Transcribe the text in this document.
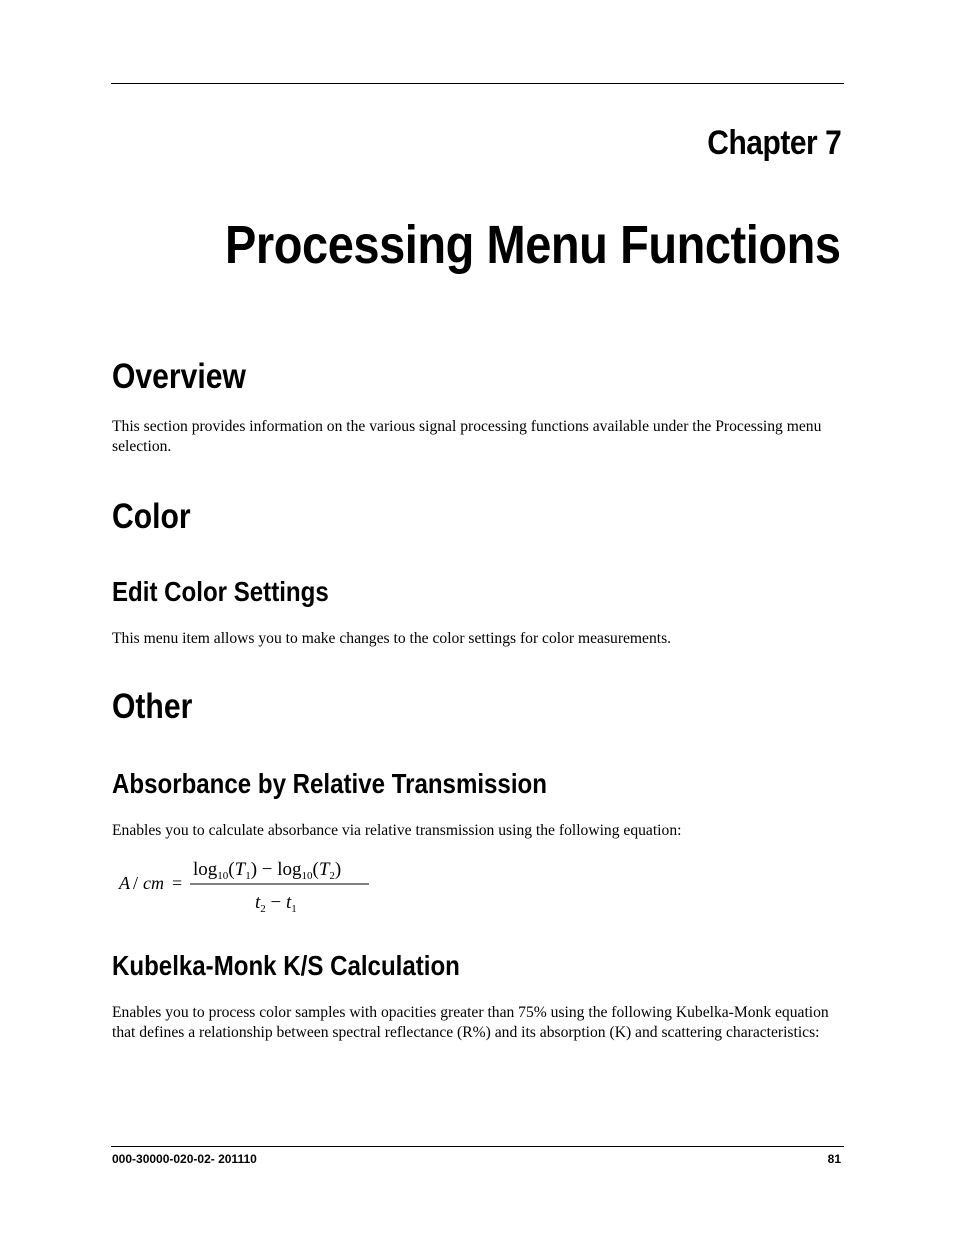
Chapter 7
Processing Menu Functions
Overview

This section provides information on the various signal processing functions available under the Processing menu selection.

Color
Edit Color Settings

This menu item allows you to make changes to the color settings for color measurements.

Other
Absorbance by Relative Transmission

Enables you to calculate absorbance via relative transmission using the following equation:

A / cm =
$\log_{10}(T_1) - \log_{10}(T_2)$
$t_2 - t_1$
Kubelka-Monk K/S Calculation

Enables you to process color samples with opacities greater than 75% using the following Kubelka-Monk equation that defines a relationship between spectral reflectance (R%) and its absorption (K) and scattering characteristics:

000-30000-020-02- 201110	81
